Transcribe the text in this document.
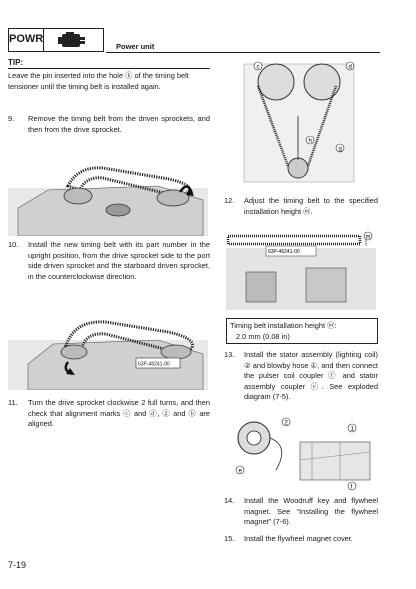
POWR
Power unit
TIP:
Leave the pin inserted into the hole ⓚ of the timing belt tensioner until the timing belt is installed again.
9.	Remove the timing belt from the driven sprockets, and then from the drive sprocket.
10.	Install the new timing belt with its part number in the upright position, from the drive sprocket side to the port side driven sprocket and the starboard driven sprocket, in the counterclockwise direction.
63P-46241-00
11.	Turn the drive sprocket clockwise 2 full turns, and then check that alignment marks ⓒ and ⓓ, ⓖ and ⓗ are aligned.
c	d
h
g
12.	Adjust the timing belt to the specified installation height ⓜ.
63P-46241-00
m
Timing belt installation height ⓜ:
2.0 mm (0.08 in)
13.	Install the stator assembly (lighting coil) ② and blowby hose ①, and then connect the pulser coil coupler ⓕ and stator assembly coupler ⓔ. See exploded diagram (7-5).
2
1
e
f
14.	Install the Woodruff key and flywheel magnet. See “Installing the flywheel magnet” (7-6).
15.	Install the flywheel magnet cover.
7-19
